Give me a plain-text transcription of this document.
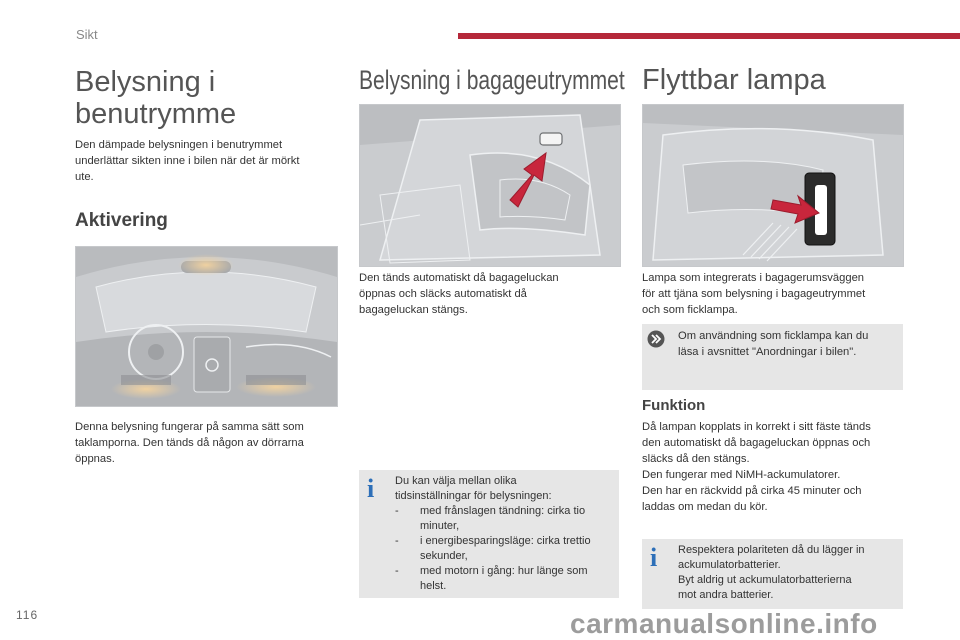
Sikt
Belysning i
benutrymme
Den dämpade belysningen i benutrymmet
underlättar sikten inne i bilen när det är mörkt
ute.
Aktivering
Denna belysning fungerar på samma sätt som
taklamporna. Den tänds då någon av dörrarna
öppnas.
Belysning i bagageutrymmet
Den tänds automatiskt då bagageluckan
öppnas och släcks automatiskt då
bagageluckan stängs.
i Du kan välja mellan olika
tidsinställningar för belysningen:
-	med frånslagen tändning: cirka tio
minuter,
-	i energibesparingsläge: cirka trettio
sekunder,
-	med motorn i gång: hur länge som
helst.
Flyttbar lampa
Lampa som integrerats i bagagerumsväggen
för att tjäna som belysning i bagageutrymmet
och som ficklampa.
Om användning som ficklampa kan du
läsa i avsnittet "Anordningar i bilen".
Funktion
Då lampan kopplats in korrekt i sitt fäste tänds
den automatiskt då bagageluckan öppnas och
släcks då den stängs.
Den fungerar med NiMH-ackumulatorer.
Den har en räckvidd på cirka 45 minuter och
laddas om medan du kör.
i Respektera polariteten då du lägger in
ackumulatorbatterier.
Byt aldrig ut ackumulatorbatterierna
mot andra batterier.
116	carmanualsonline.info
